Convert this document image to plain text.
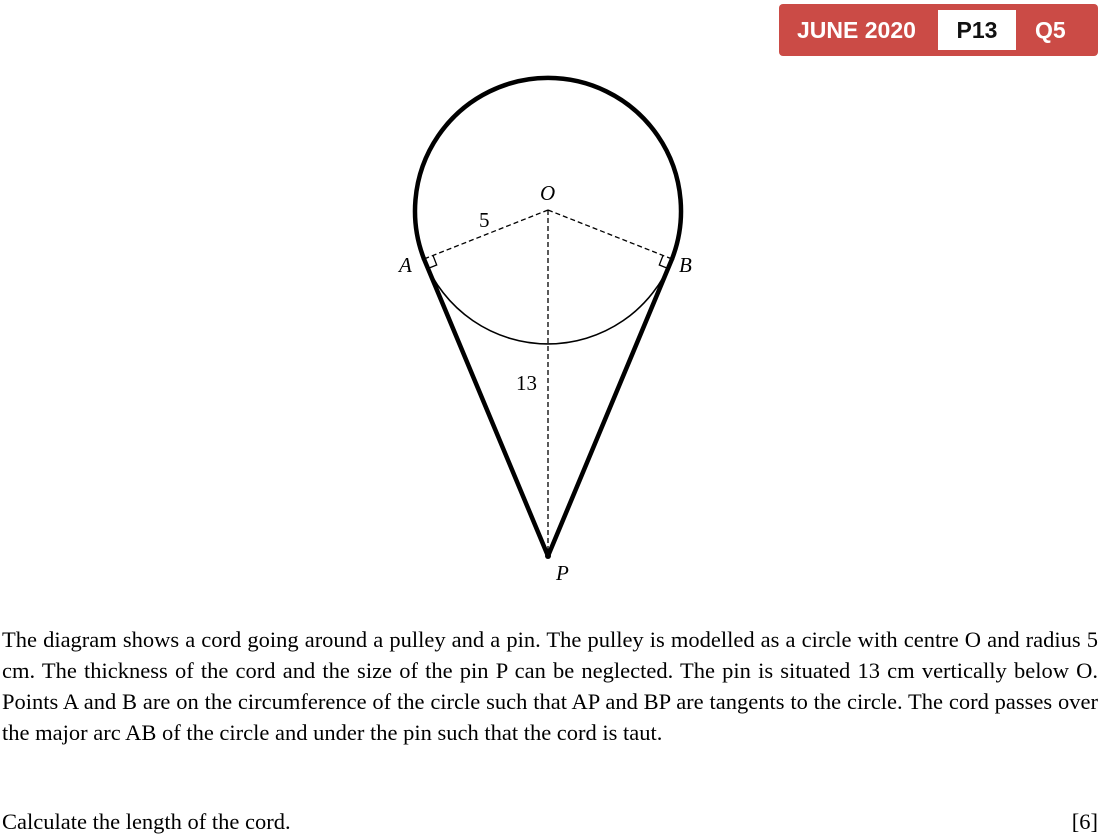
JUNE 2020	P13	Q5
O
A	B
P
5
13

The diagram shows a cord going around a pulley and a pin. The pulley is modelled as a circle with centre O and radius 5 cm. The thickness of the cord and the size of the pin P can be neglected. The pin is situated 13 cm vertically below O. Points A and B are on the circumference of the circle such that AP and BP are tangents to the circle. The cord passes over the major arc AB of the circle and under the pin such that the cord is taut.

Calculate the length of the cord.	[6]
